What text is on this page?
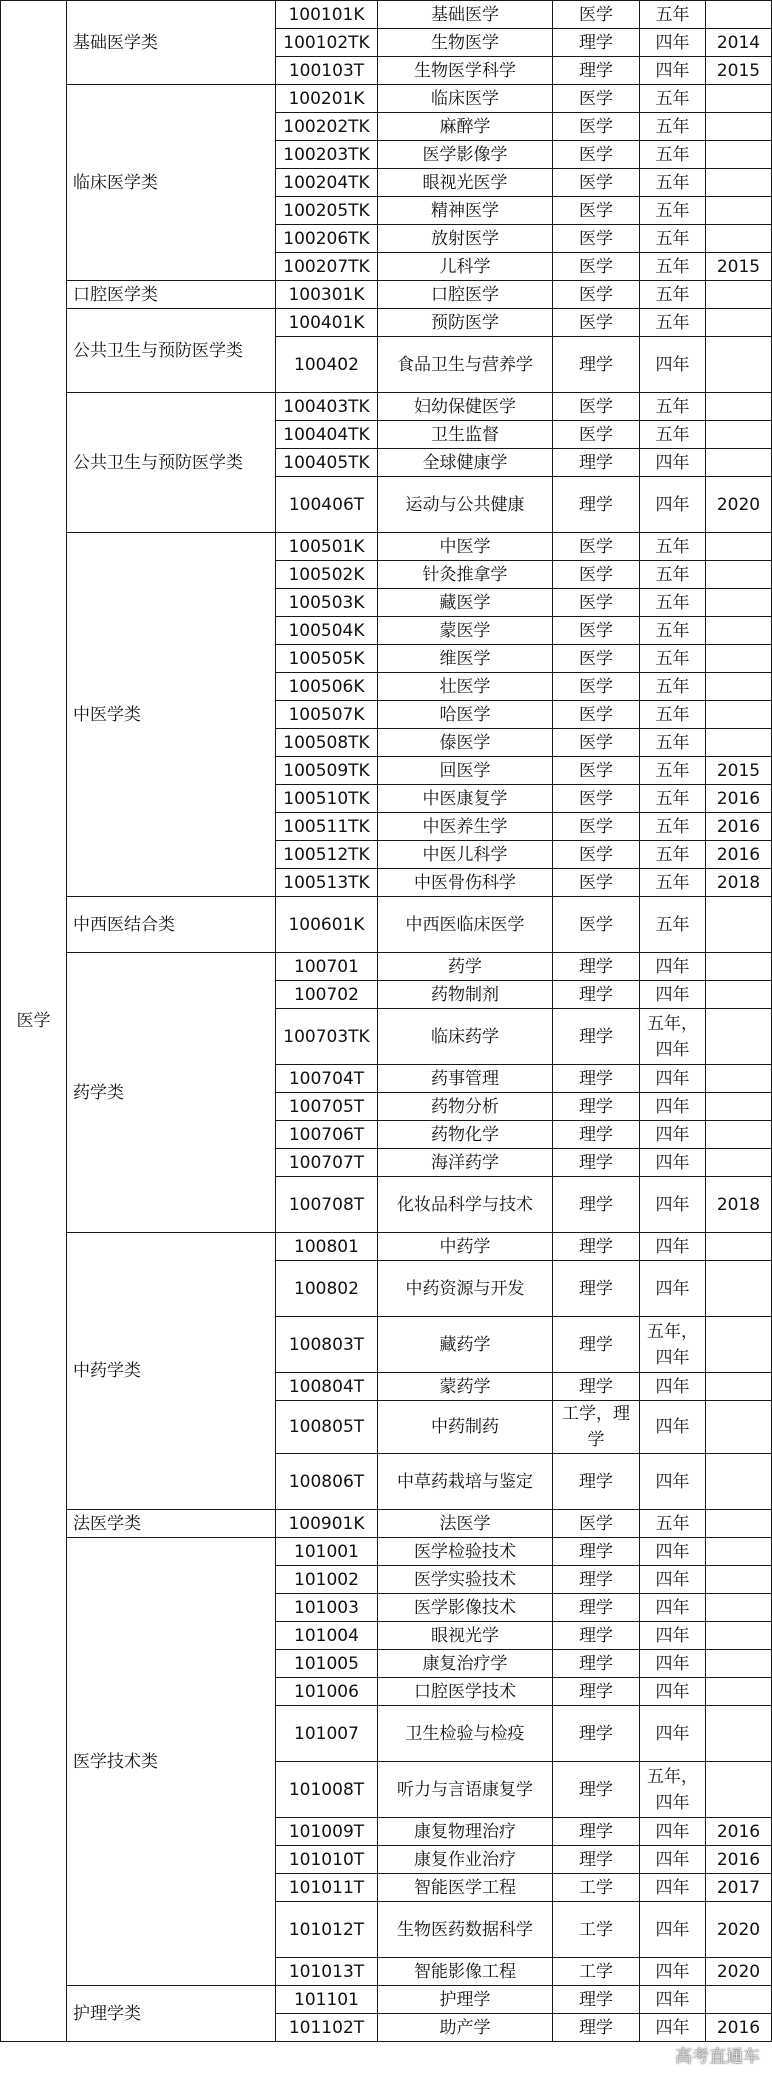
医学	基础医学类	100101K	基础医学	医学	五年	
		100102TK	生物医学	理学	四年	2014
		100103T	生物医学科学	理学	四年	2015
	临床医学类	100201K	临床医学	医学	五年	
		100202TK	麻醉学	医学	五年	
		100203TK	医学影像学	医学	五年	
		100204TK	眼视光医学	医学	五年	
		100205TK	精神医学	医学	五年	
		100206TK	放射医学	医学	五年	
		100207TK	儿科学	医学	五年	2015
	口腔医学类	100301K	口腔医学	医学	五年	
	公共卫生与预防医学类	100401K	预防医学	医学	五年	
		100402	食品卫生与营养学	理学	四年	
	公共卫生与预防医学类	100403TK	妇幼保健医学	医学	五年	
		100404TK	卫生监督	医学	五年	
		100405TK	全球健康学	理学	四年	
		100406T	运动与公共健康	理学	四年	2020
	中医学类	100501K	中医学	医学	五年	
		100502K	针灸推拿学	医学	五年	
		100503K	藏医学	医学	五年	
		100504K	蒙医学	医学	五年	
		100505K	维医学	医学	五年	
		100506K	壮医学	医学	五年	
		100507K	哈医学	医学	五年	
		100508TK	傣医学	医学	五年	
		100509TK	回医学	医学	五年	2015
		100510TK	中医康复学	医学	五年	2016
		100511TK	中医养生学	医学	五年	2016
		100512TK	中医儿科学	医学	五年	2016
		100513TK	中医骨伤科学	医学	五年	2018
	中西医结合类	100601K	中西医临床医学	医学	五年	
	药学类	100701	药学	理学	四年	
		100702	药物制剂	理学	四年	
		100703TK	临床药学	理学	五年，四年	
		100704T	药事管理	理学	四年	
		100705T	药物分析	理学	四年	
		100706T	药物化学	理学	四年	
		100707T	海洋药学	理学	四年	
		100708T	化妆品科学与技术	理学	四年	2018
	中药学类	100801	中药学	理学	四年	
		100802	中药资源与开发	理学	四年	
		100803T	藏药学	理学	五年，四年	
		100804T	蒙药学	理学	四年	
		100805T	中药制药	工学，理学	四年	
		100806T	中草药栽培与鉴定	理学	四年	
	法医学类	100901K	法医学	医学	五年	
	医学技术类	101001	医学检验技术	理学	四年	
		101002	医学实验技术	理学	四年	
		101003	医学影像技术	理学	四年	
		101004	眼视光学	理学	四年	
		101005	康复治疗学	理学	四年	
		101006	口腔医学技术	理学	四年	
		101007	卫生检验与检疫	理学	四年	
		101008T	听力与言语康复学	理学	五年，四年	
		101009T	康复物理治疗	理学	四年	2016
		101010T	康复作业治疗	理学	四年	2016
		101011T	智能医学工程	工学	四年	2017
		101012T	生物医药数据科学	工学	四年	2020
		101013T	智能影像工程	工学	四年	2020
	护理学类	101101	护理学	理学	四年	
		101102T	助产学	理学	四年	2016
高考直通车
